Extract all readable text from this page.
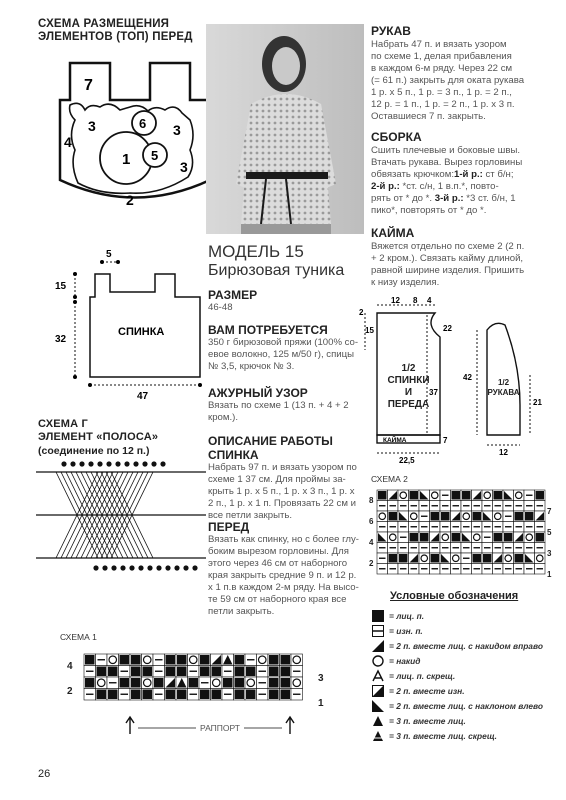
СХЕМА РАЗМЕЩЕНИЯ
ЭЛЕМЕНТОВ (ТОП) ПЕРЕД
7
3	6
4
3
1 5
3
2
5
15
32
47
СПИНКА
СХЕМА Г
ЭЛЕМЕНТ «ПОЛОСА»
(соединение по 12 п.)
МОДЕЛЬ 15
Бирюзовая туника
РАЗМЕР
46-48
ВАМ ПОТРЕБУЕТСЯ
350 г бирюзовой пряжи (100% со-
евое волокно, 125 м/50 г), спицы
№ 3,5, крючок № 3.
АЖУРНЫЙ УЗОР
Вязать по схеме 1 (13 п. + 4 + 2
кром.).
ОПИСАНИЕ РАБОТЫ
СПИНКА
Набрать 97 п. и вязать узором по
схеме 1 37 см. Для проймы за-
крыть 1 р. х 5 п., 1 р. х 3 п., 1 р. х
2 п., 1 р. х 1 п. Провязать 22 см и
все петли закрыть.
ПЕРЕД
Вязать как спинку, но с более глу-
боким вырезом горловины. Для
этого через 46 см от наборного
края закрыть средние 9 п. и 12 р.
х 1 п.в каждом 2-м ряду. На высо-
те 59 см от наборного края все
петли закрыть.
РУКАВ
Набрать 47 п. и вязать узором
по схеме 1, делая прибавления
в каждом 6-м ряду. Через 22 см
(= 61 п.) закрыть для оката рукава
1 р. х 5 п., 1 р. = 3 п., 1 р. = 2 п.,
12 р. = 1 п., 1 р. = 2 п., 1 р. х 3 п.
Оставшиеся 7 п. закрыть.
СБОРКА
Сшить плечевые и боковые швы.
Втачать рукава. Вырез горловины
обвязать крючком:1-й р.: ст б/н;
2-й р.: *ст. с/н, 1 в.п.*, повто-
рять от * до *. 3-й р.: *3 ст. б/н, 1
пико*, повторять от * до *.
КАЙМА
Вяжется отдельно по схеме 2 (2 п.
+ 2 кром.). Связать кайму длиной,
равной ширине изделия. Пришить
к низу изделия.
12 8 4
2
15	22
37
7
22,5
КАЙМА
42
21
12
1/2
СПИНКИ
И
ПЕРЕДА
1/2
РУКАВА
СХЕМА 2
8
6
4
2
7
5
3
1
Условные обозначения
= лиц. п.
= изн. п.
= 2 п. вместе лиц. с накидом вправо
= накид
= лиц. п. скрещ.
= 2 п. вместе изн.
= 2 п. вместе лиц. с наклоном влево
= 3 п. вместе лиц.
= 3 п. вместе лиц. скрещ.
СХЕМА 1
4
2
3
1
РАППОРТ
26
